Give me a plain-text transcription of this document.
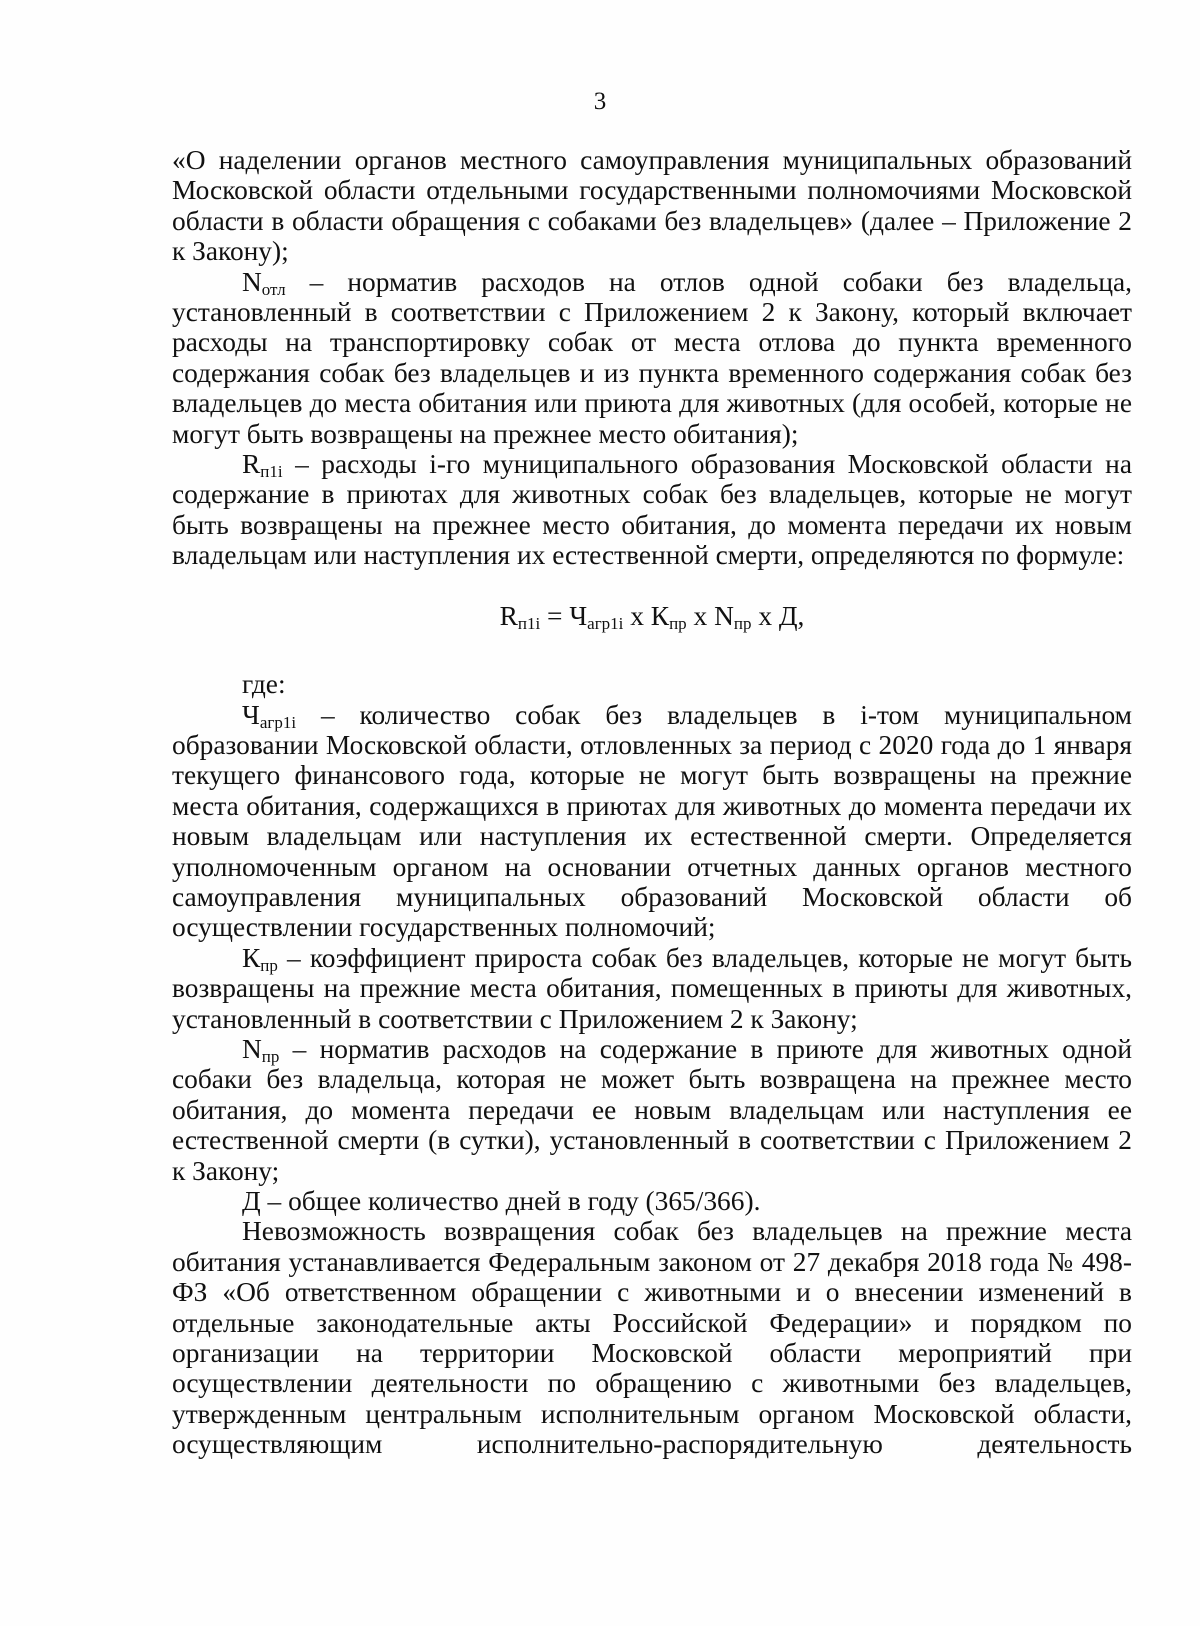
3

«О наделении органов местного самоуправления муниципальных образований Московской области отдельными государственными полномочиями Московской области в области обращения с собаками без владельцев» (далее – Приложение 2 к Закону);

$N_{отл}$ – норматив расходов на отлов одной собаки без владельца, установленный в соответствии с Приложением 2 к Закону, который включает расходы на транспортировку собак от места отлова до пункта временного содержания собак без владельцев и из пункта временного содержания собак без владельцев до места обитания или приюта для животных (для особей, которые не могут быть возвращены на прежнее место обитания);

$R_{п1i}$ – расходы i-го муниципального образования Московской области на содержание в приютах для животных собак без владельцев, которые не могут быть возвращены на прежнее место обитания, до момента передачи их новым владельцам или наступления их естественной смерти, определяются по формуле:

$R_{п1i} = Ч_{агр1i}$ x $К_{пр}$ x $N_{пр}$ x Д,

где:

$Ч_{агр1i}$ – количество собак без владельцев в i-том муниципальном образовании Московской области, отловленных за период с 2020 года до 1 января текущего финансового года, которые не могут быть возвращены на прежние места обитания, содержащихся в приютах для животных до момента передачи их новым владельцам или наступления их естественной смерти. Определяется уполномоченным органом на основании отчетных данных органов местного самоуправления муниципальных образований Московской области об осуществлении государственных полномочий;

$К_{пр}$ – коэффициент прироста собак без владельцев, которые не могут быть возвращены на прежние места обитания, помещенных в приюты для животных, установленный в соответствии с Приложением 2 к Закону;

$N_{пр}$ – норматив расходов на содержание в приюте для животных одной собаки без владельца, которая не может быть возвращена на прежнее место обитания, до момента передачи ее новым владельцам или наступления ее естественной смерти (в сутки), установленный в соответствии с Приложением 2 к Закону;

Д – общее количество дней в году (365/366).

Невозможность возвращения собак без владельцев на прежние места обитания устанавливается Федеральным законом от 27 декабря 2018 года № 498-ФЗ «Об ответственном обращении с животными и о внесении изменений в отдельные законодательные акты Российской Федерации» и порядком по организации на территории Московской области мероприятий при осуществлении деятельности по обращению с животными без владельцев, утвержденным центральным исполнительным органом Московской области, осуществляющим исполнительно-распорядительную деятельность
